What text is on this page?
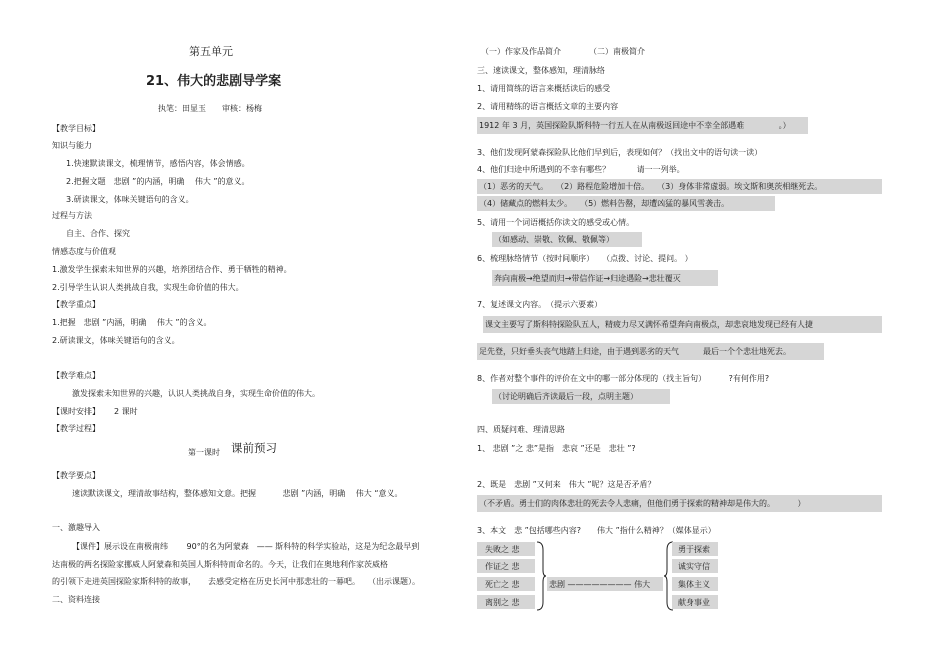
第五单元
21、伟大的悲剧导学案
执笔：田显玉　　审核：杨梅
【教学目标】
知识与能力
1.快速默读课文，梳理情节，感悟内容，体会情感。
2.把握文题　悲剧 ”的内涵，明确　 伟大 ”的意义。
3.研读课文，体味关键语句的含义。
过程与方法
自主、合作、探究
情感态度与价值观
1.激发学生探索未知世界的兴趣，培养团结合作、勇于牺牲的精神。
2.引导学生认识人类挑战自我，实现生命价值的伟大。
【教学重点】
1.把握　悲剧 ”内涵，明确　 伟大 ”的含义。
2.研读课文，体味关键语句的含义。
【教学难点】
激发探索未知世界的兴趣，认识人类挑战自身，实现生命价值的伟大。
【课时安排】 2 课时
【教学过程】
第一课时 课前预习
【教学要点】
速读默读课文，理清故事结构，整体感知文意。把握　　　 悲剧 ”内涵，明确　 伟大 “意义。
一、激趣导入
【课件】展示设在南极南纬　　 90°的名为阿蒙森　—— 斯科特的科学实验站，这是为纪念最早到
达南极的两名探险家挪威人阿蒙森和英国人斯科特而命名的。今天，让我们在奥地利作家茨威格
的引领下走进英国探险家斯科特的故事，　　去感受定格在历史长河中那悲壮的一幕吧。　　（出示课题）。
二、资料连接
（一）作家及作品简介　　　　（二）南极简介
三、速读课文，整体感知，理清脉络
1、请用简练的语言来概括读后的感受
2、请用精练的语言概括文章的主要内容
1912 年 3 月，英国探险队斯科特一行五人在从南极返回途中不幸全部遇难　　　　 。）
3、他们发现阿蒙森探险队比他们早到后，表现如何？（找出文中的语句读一读）
4、他们归途中所遇到的不幸有哪些？　　　 请一一列举。
（1）恶劣的天气。　　（2）路程危险增加十倍。　　（3）身体非常虚弱。埃文斯和奥茨相继死去。
（4）储藏点的燃料太少。　　（5）燃料告罄，却遭凶猛的暴风雪袭击。
5、请用一个词语概括你读文的感受或心情。
（如感动、崇敬、钦佩、敬佩等）
6、梳理脉络情节（按时间顺序）　　（点拨、讨论、提问。 ）
奔向南极→绝望而归→带信作证→归途遇险→悲壮覆灭
7、复述课文内容。　（提示六要素）
课文主要写了斯科特探险队五人，精疲力尽又满怀希望奔向南极点，却悲哀地发现已经有人捷
足先登，只好垂头丧气地踏上归途，由于遇到恶劣的天气　　　最后一个个悲壮地死去。
8、作者对整个事件的评价在文中的哪一部分体现的（找主旨句）　　　 ?有何作用?
（讨论明确后齐读最后一段，点明主题）
四、质疑问难、理清思路
1、 悲剧 ”之 悲”是指　悲哀 ”还是　悲壮 ”?
2、既是　悲剧 ”又何来　伟大 ”呢？这是否矛盾？
（不矛盾。勇士们的肉体悲壮的死去令人悲痛，但他们勇于探索的精神却是伟大的。　　　 ）
3、本文　悲 ”包括哪些内容?　　伟大 ”指什么精神？（媒体显示）
失败之 悲
作证之 悲
死亡之 悲
离别之 悲
悲剧 ———————— 伟大
勇于探索
诚实守信
集体主义
献身事业
